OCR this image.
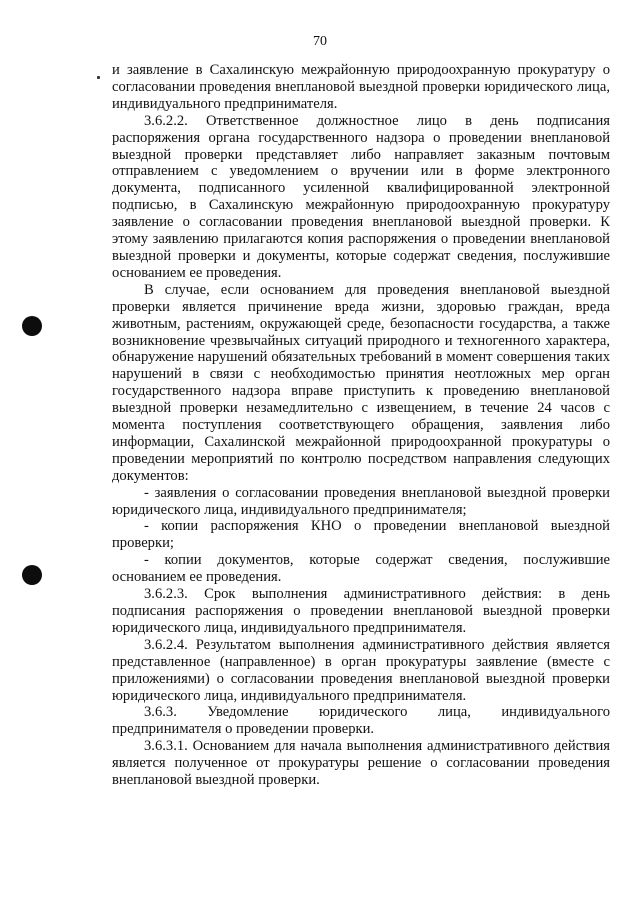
70

и заявление в Сахалинскую межрайонную природоохранную прокуратуру о согласовании проведения внеплановой выездной проверки юридического лица, индивидуального предпринимателя.

3.6.2.2. Ответственное должностное лицо в день подписания распоряжения органа государственного надзора о проведении внеплановой выездной проверки представляет либо направляет заказным почтовым отправлением с уведомлением о вручении или в форме электронного документа, подписанного усиленной квалифицированной электронной подписью, в Сахалинскую межрайонную природоохранную прокуратуру заявление о согласовании проведения внеплановой выездной проверки. К этому заявлению прилагаются копия распоряжения о проведении внеплановой выездной проверки и документы, которые содержат сведения, послужившие основанием ее проведения.

В случае, если основанием для проведения внеплановой выездной проверки является причинение вреда жизни, здоровью граждан, вреда животным, растениям, окружающей среде, безопасности государства, а также возникновение чрезвычайных ситуаций природного и техногенного характера, обнаружение нарушений обязательных требований в момент совершения таких нарушений в связи с необходимостью принятия неотложных мер орган государственного надзора вправе приступить к проведению внеплановой выездной проверки незамедлительно с извещением, в течение 24 часов с момента поступления соответствующего обращения, заявления либо информации, Сахалинской межрайонной природоохранной прокуратуры о проведении мероприятий по контролю посредством направления следующих документов:

- заявления о согласовании проведения внеплановой выездной проверки юридического лица, индивидуального предпринимателя;

- копии распоряжения КНО о проведении внеплановой выездной проверки;

- копии документов, которые содержат сведения, послужившие основанием ее проведения.

3.6.2.3. Срок выполнения административного действия: в день подписания распоряжения о проведении внеплановой выездной проверки юридического лица, индивидуального предпринимателя.

3.6.2.4. Результатом выполнения административного действия является представленное (направленное) в орган прокуратуры заявление (вместе с приложениями) о согласовании проведения внеплановой выездной проверки юридического лица, индивидуального предпринимателя.

3.6.3. Уведомление юридического лица, индивидуального предпринимателя о проведении проверки.

3.6.3.1. Основанием для начала выполнения административного действия является полученное от прокуратуры решение о согласовании проведения внеплановой выездной проверки.
